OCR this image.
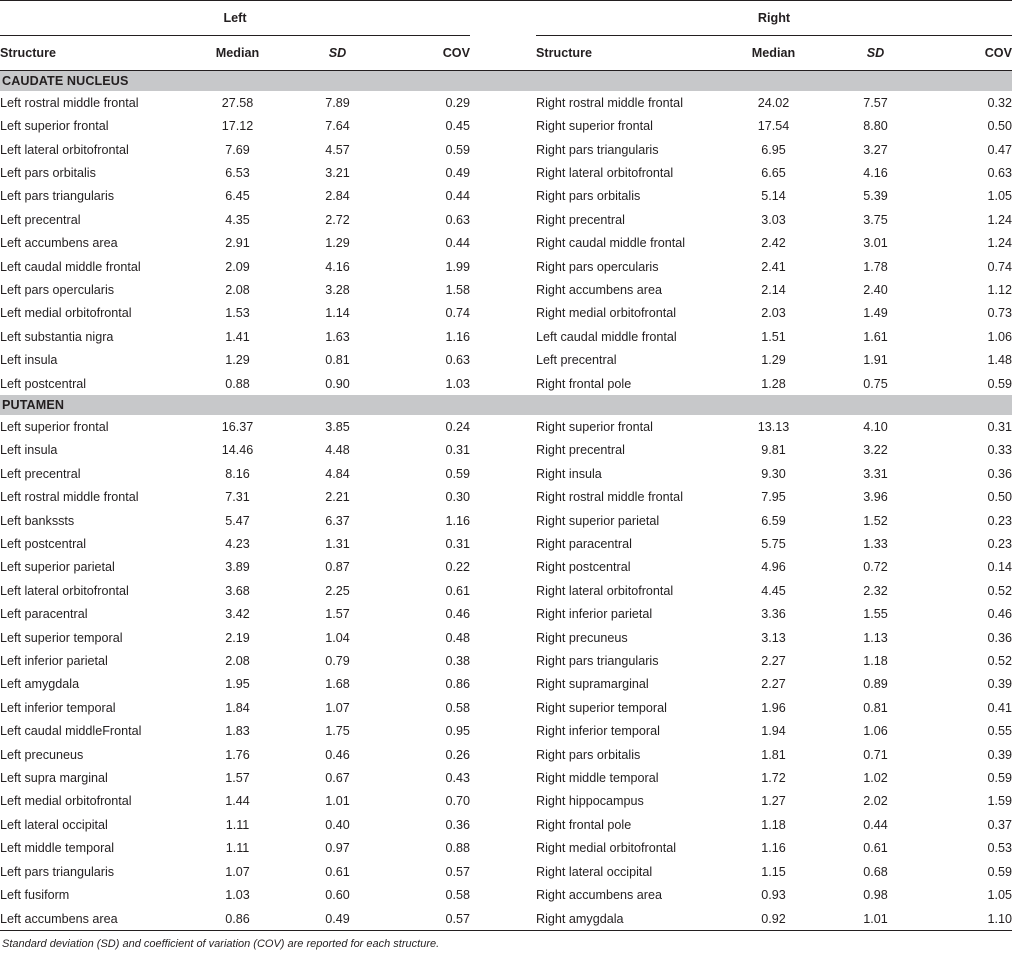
Left					Right			
Structure	Median	SD	COV		Structure	Median	SD	COV
CAUDATE NUCLEUS								
Left rostral middle frontal	27.58	7.89	0.29		Right rostral middle frontal	24.02	7.57	0.32
Left superior frontal	17.12	7.64	0.45		Right superior frontal	17.54	8.80	0.50
Left lateral orbitofrontal	7.69	4.57	0.59		Right pars triangularis	6.95	3.27	0.47
Left pars orbitalis	6.53	3.21	0.49		Right lateral orbitofrontal	6.65	4.16	0.63
Left pars triangularis	6.45	2.84	0.44		Right pars orbitalis	5.14	5.39	1.05
Left precentral	4.35	2.72	0.63		Right precentral	3.03	3.75	1.24
Left accumbens area	2.91	1.29	0.44		Right caudal middle frontal	2.42	3.01	1.24
Left caudal middle frontal	2.09	4.16	1.99		Right pars opercularis	2.41	1.78	0.74
Left pars opercularis	2.08	3.28	1.58		Right accumbens area	2.14	2.40	1.12
Left medial orbitofrontal	1.53	1.14	0.74		Right medial orbitofrontal	2.03	1.49	0.73
Left substantia nigra	1.41	1.63	1.16		Left caudal middle frontal	1.51	1.61	1.06
Left insula	1.29	0.81	0.63		Left precentral	1.29	1.91	1.48
Left postcentral	0.88	0.90	1.03		Right frontal pole	1.28	0.75	0.59
PUTAMEN								
Left superior frontal	16.37	3.85	0.24		Right superior frontal	13.13	4.10	0.31
Left insula	14.46	4.48	0.31		Right precentral	9.81	3.22	0.33
Left precentral	8.16	4.84	0.59		Right insula	9.30	3.31	0.36
Left rostral middle frontal	7.31	2.21	0.30		Right rostral middle frontal	7.95	3.96	0.50
Left bankssts	5.47	6.37	1.16		Right superior parietal	6.59	1.52	0.23
Left postcentral	4.23	1.31	0.31		Right paracentral	5.75	1.33	0.23
Left superior parietal	3.89	0.87	0.22		Right postcentral	4.96	0.72	0.14
Left lateral orbitofrontal	3.68	2.25	0.61		Right lateral orbitofrontal	4.45	2.32	0.52
Left paracentral	3.42	1.57	0.46		Right inferior parietal	3.36	1.55	0.46
Left superior temporal	2.19	1.04	0.48		Right precuneus	3.13	1.13	0.36
Left inferior parietal	2.08	0.79	0.38		Right pars triangularis	2.27	1.18	0.52
Left amygdala	1.95	1.68	0.86		Right supramarginal	2.27	0.89	0.39
Left inferior temporal	1.84	1.07	0.58		Right superior temporal	1.96	0.81	0.41
Left caudal middleFrontal	1.83	1.75	0.95		Right inferior temporal	1.94	1.06	0.55
Left precuneus	1.76	0.46	0.26		Right pars orbitalis	1.81	0.71	0.39
Left supra marginal	1.57	0.67	0.43		Right middle temporal	1.72	1.02	0.59
Left medial orbitofrontal	1.44	1.01	0.70		Right hippocampus	1.27	2.02	1.59
Left lateral occipital	1.11	0.40	0.36		Right frontal pole	1.18	0.44	0.37
Left middle temporal	1.11	0.97	0.88		Right medial orbitofrontal	1.16	0.61	0.53
Left pars triangularis	1.07	0.61	0.57		Right lateral occipital	1.15	0.68	0.59
Left fusiform	1.03	0.60	0.58		Right accumbens area	0.93	0.98	1.05
Left accumbens area	0.86	0.49	0.57		Right amygdala	0.92	1.01	1.10
Standard deviation (SD) and coefficient of variation (COV) are reported for each structure.
